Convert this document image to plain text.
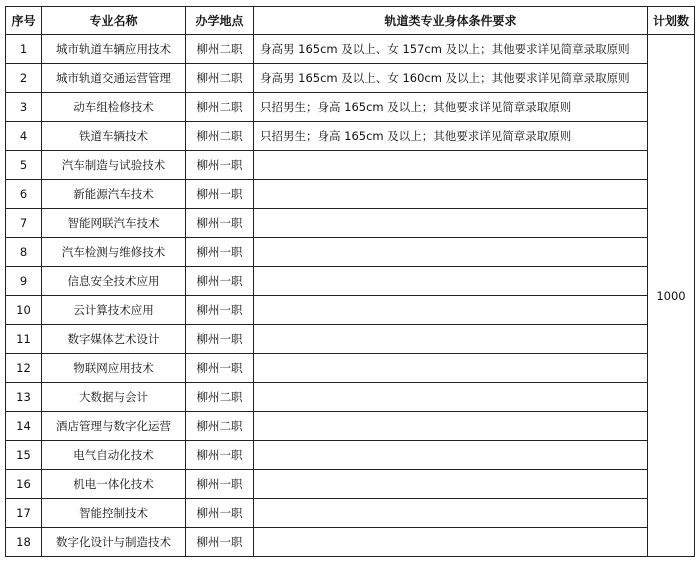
序号	专业名称	办学地点	轨道类专业身体条件要求	计划数
1	城市轨道车辆应用技术	柳州二职	身高男 165cm 及以上、女 157cm 及以上；其他要求详见简章录取原则	1000
2	城市轨道交通运营管理	柳州二职	身高男 165cm 及以上、女 160cm 及以上；其他要求详见简章录取原则	
3	动车组检修技术	柳州二职	只招男生；身高 165cm 及以上；其他要求详见简章录取原则	
4	铁道车辆技术	柳州二职	只招男生；身高 165cm 及以上；其他要求详见简章录取原则	
5	汽车制造与试验技术	柳州一职		
6	新能源汽车技术	柳州一职		
7	智能网联汽车技术	柳州一职		
8	汽车检测与维修技术	柳州一职		
9	信息安全技术应用	柳州一职		
10	云计算技术应用	柳州一职		
11	数字媒体艺术设计	柳州一职		
12	物联网应用技术	柳州一职		
13	大数据与会计	柳州二职		
14	酒店管理与数字化运营	柳州二职		
15	电气自动化技术	柳州一职		
16	机电一体化技术	柳州一职		
17	智能控制技术	柳州一职		
18	数字化设计与制造技术	柳州一职		
